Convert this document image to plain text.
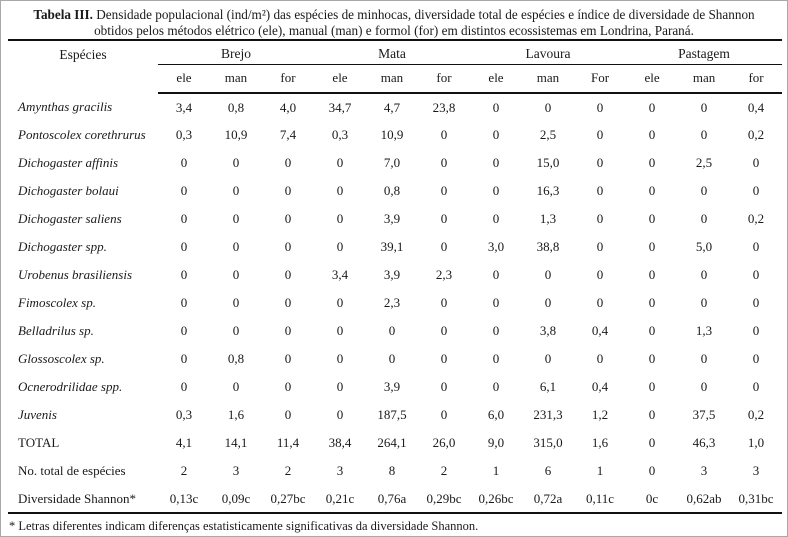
Tabela III. Densidade populacional (ind/m²) das espécies de minhocas, diversidade total de espécies e índice de diversidade de Shannon obtidos pelos métodos elétrico (ele), manual (man) e formol (for) em distintos ecossistemas em Londrina, Paraná.
Espécies	Brejo			Mata			Lavoura			Pastagem		
	ele	man	for	ele	man	for	ele	man	For	ele	man	for
Amynthas gracilis	3,4	0,8	4,0	34,7	4,7	23,8	0	0	0	0	0	0,4
Pontoscolex corethrurus	0,3	10,9	7,4	0,3	10,9	0	0	2,5	0	0	0	0,2
Dichogaster affinis	0	0	0	0	7,0	0	0	15,0	0	0	2,5	0
Dichogaster bolaui	0	0	0	0	0,8	0	0	16,3	0	0	0	0
Dichogaster saliens	0	0	0	0	3,9	0	0	1,3	0	0	0	0,2
Dichogaster spp.	0	0	0	0	39,1	0	3,0	38,8	0	0	5,0	0
Urobenus brasiliensis	0	0	0	3,4	3,9	2,3	0	0	0	0	0	0
Fimoscolex sp.	0	0	0	0	2,3	0	0	0	0	0	0	0
Belladrilus sp.	0	0	0	0	0	0	0	3,8	0,4	0	1,3	0
Glossoscolex sp.	0	0,8	0	0	0	0	0	0	0	0	0	0
Ocnerodrilidae spp.	0	0	0	0	3,9	0	0	6,1	0,4	0	0	0
Juvenis	0,3	1,6	0	0	187,5	0	6,0	231,3	1,2	0	37,5	0,2
TOTAL	4,1	14,1	11,4	38,4	264,1	26,0	9,0	315,0	1,6	0	46,3	1,0
No. total de espécies	2	3	2	3	8	2	1	6	1	0	3	3
Diversidade Shannon*	0,13c	0,09c	0,27bc	0,21c	0,76a	0,29bc	0,26bc	0,72a	0,11c	0c	0,62ab	0,31bc
* Letras diferentes indicam diferenças estatisticamente significativas da diversidade Shannon.
